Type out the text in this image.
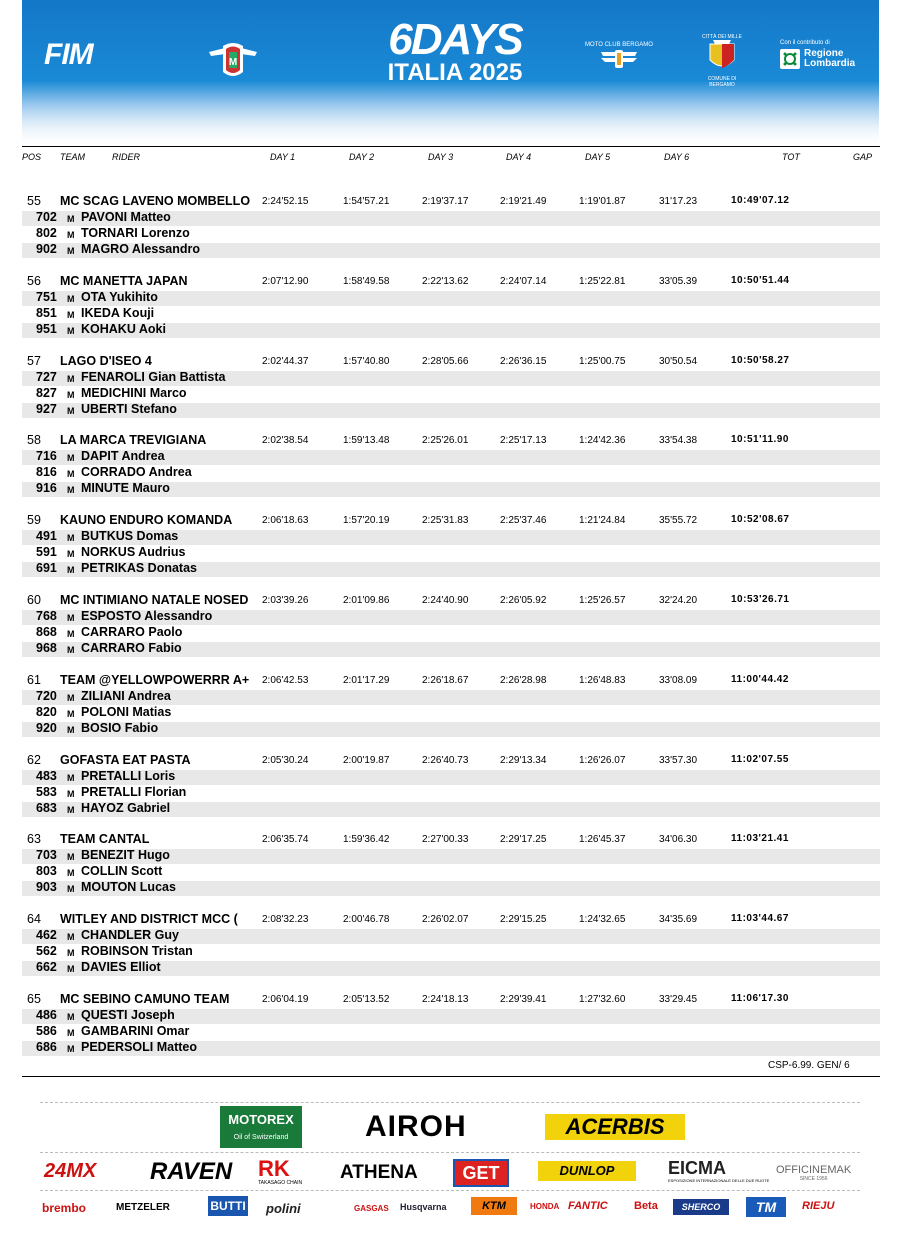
FIM	M	6DAYS
ITALIA 2025
MOTO CLUB BERGAMO
CITTÀ DEI MILLE
COMUNE DI BERGAMO
Con il contributo di
Regione Lombardia
POS TEAM	RIDER	DAY 1	DAY 2	DAY 3	DAY 4	DAY 5	DAY 6	TOT	GAP
55 MC SCAG LAVENO MOMBELLO 2:24'52.15	1:54'57.21	2:19'37.17	2:19'21.49	1:19'01.87	31'17.23	10:49'07.12
702 M PAVONI Matteo
802 M TORNARI Lorenzo
902 M MAGRO Alessandro
56 MC MANETTA JAPAN	2:07'12.90	1:58'49.58	2:22'13.62	2:24'07.14	1:25'22.81	33'05.39	10:50'51.44
751 M OTA Yukihito
851 M IKEDA Kouji
951 M KOHAKU Aoki
57 LAGO D'ISEO 4	2:02'44.37	1:57'40.80	2:28'05.66	2:26'36.15	1:25'00.75	30'50.54	10:50'58.27
727 M FENAROLI Gian Battista
827 M MEDICHINI Marco
927 M UBERTI Stefano
58 LA MARCA TREVIGIANA	2:02'38.54	1:59'13.48	2:25'26.01	2:25'17.13	1:24'42.36	33'54.38	10:51'11.90
716 M DAPIT Andrea
816 M CORRADO Andrea
916 M MINUTE Mauro
59 KAUNO ENDURO KOMANDA	2:06'18.63	1:57'20.19	2:25'31.83	2:25'37.46	1:21'24.84	35'55.72	10:52'08.67
491 M BUTKUS Domas
591 M NORKUS Audrius
691 M PETRIKAS Donatas
60 MC INTIMIANO NATALE NOSED 2:03'39.26	2:01'09.86	2:24'40.90	2:26'05.92	1:25'26.57	32'24.20	10:53'26.71
768 M ESPOSTO Alessandro
868 M CARRARO Paolo
968 M CARRARO Fabio
61 TEAM @YELLOWPOWERRR A+ 2:06'42.53	2:01'17.29	2:26'18.67	2:26'28.98	1:26'48.83	33'08.09	11:00'44.42
720 M ZILIANI Andrea
820 M POLONI Matias
920 M BOSIO Fabio
62 GOFASTA EAT PASTA	2:05'30.24	2:00'19.87	2:26'40.73	2:29'13.34	1:26'26.07	33'57.30	11:02'07.55
483 M PRETALLI Loris
583 M PRETALLI Florian
683 M HAYOZ Gabriel
63 TEAM CANTAL	2:06'35.74	1:59'36.42	2:27'00.33	2:29'17.25	1:26'45.37	34'06.30	11:03'21.41
703 M BENEZIT Hugo
803 M COLLIN Scott
903 M MOUTON Lucas
64 WITLEY AND DISTRICT MCC ( 2:08'32.23	2:00'46.78	2:26'02.07	2:29'15.25	1:24'32.65	34'35.69	11:03'44.67
462 M CHANDLER Guy
562 M ROBINSON Tristan
662 M DAVIES Elliot
65 MC SEBINO CAMUNO TEAM	2:06'04.19	2:05'13.52	2:24'18.13	2:29'39.41	1:27'32.60	33'29.45	11:06'17.30
486 M QUESTI Joseph
586 M GAMBARINI Omar
686 M PEDERSOLI Matteo
CSP-6.99. GEN/ 6
MOTOREX
Oil of Switzerland	AIROH	ACERBIS
24MX RAVEN RK
TAKASAGO CHAIN ATHENA	GET	DUNLOP	EICMA
ESPOSIZIONE INTERNAZIONALE DELLE DUE RUOTE
OFFICINEMAK
SINCE 1956
brembo	METZELER	BUTTI polini	GASGAS Husqvarna	KTM	HONDA FANTIC Beta	SHERCO	TM	RIEJU
